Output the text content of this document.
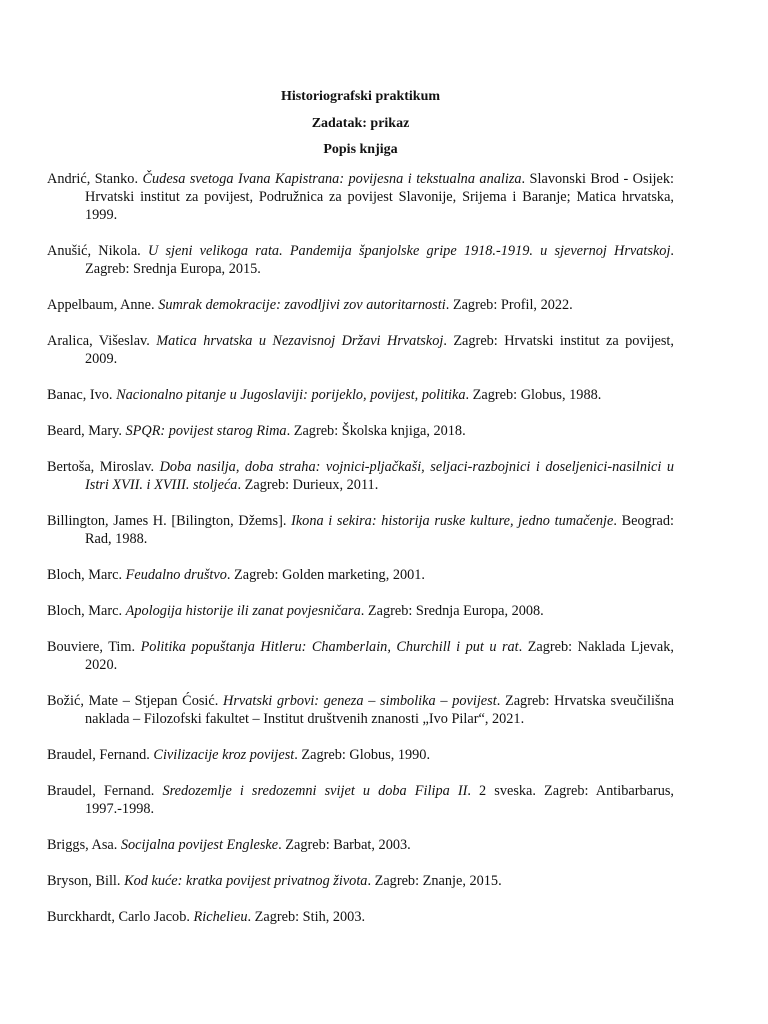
Historiografski praktikum
Zadatak: prikaz
Popis knjiga

Andrić, Stanko. Čudesa svetoga Ivana Kapistrana: povijesna i tekstualna analiza. Slavonski Brod - Osijek: Hrvatski institut za povijest, Podružnica za povijest Slavonije, Srijema i Baranje; Matica hrvatska, 1999.

Anušić, Nikola. U sjeni velikoga rata. Pandemija španjolske gripe 1918.-1919. u sjevernoj Hrvatskoj. Zagreb: Srednja Europa, 2015.

Appelbaum, Anne. Sumrak demokracije: zavodljivi zov autoritarnosti. Zagreb: Profil, 2022.

Aralica, Višeslav. Matica hrvatska u Nezavisnoj Državi Hrvatskoj. Zagreb: Hrvatski institut za povijest, 2009.

Banac, Ivo. Nacionalno pitanje u Jugoslaviji: porijeklo, povijest, politika. Zagreb: Globus, 1988.

Beard, Mary. SPQR: povijest starog Rima. Zagreb: Školska knjiga, 2018.

Bertoša, Miroslav. Doba nasilja, doba straha: vojnici-pljačkaši, seljaci-razbojnici i doseljenici-nasilnici u Istri XVII. i XVIII. stoljeća. Zagreb: Durieux, 2011.

Billington, James H. [Bilington, Džems]. Ikona i sekira: historija ruske kulture, jedno tumačenje. Beograd: Rad, 1988.

Bloch, Marc. Feudalno društvo. Zagreb: Golden marketing, 2001.

Bloch, Marc. Apologija historije ili zanat povjesničara. Zagreb: Srednja Europa, 2008.

Bouviere, Tim. Politika popuštanja Hitleru: Chamberlain, Churchill i put u rat. Zagreb: Naklada Ljevak, 2020.

Božić, Mate – Stjepan Ćosić. Hrvatski grbovi: geneza – simbolika – povijest. Zagreb: Hrvatska sveučilišna naklada – Filozofski fakultet – Institut društvenih znanosti „Ivo Pilar“, 2021.

Braudel, Fernand. Civilizacije kroz povijest. Zagreb: Globus, 1990.

Braudel, Fernand. Sredozemlje i sredozemni svijet u doba Filipa II. 2 sveska. Zagreb: Antibarbarus, 1997.-1998.

Briggs, Asa. Socijalna povijest Engleske. Zagreb: Barbat, 2003.

Bryson, Bill. Kod kuće: kratka povijest privatnog života. Zagreb: Znanje, 2015.

Burckhardt, Carlo Jacob. Richelieu. Zagreb: Stih, 2003.
